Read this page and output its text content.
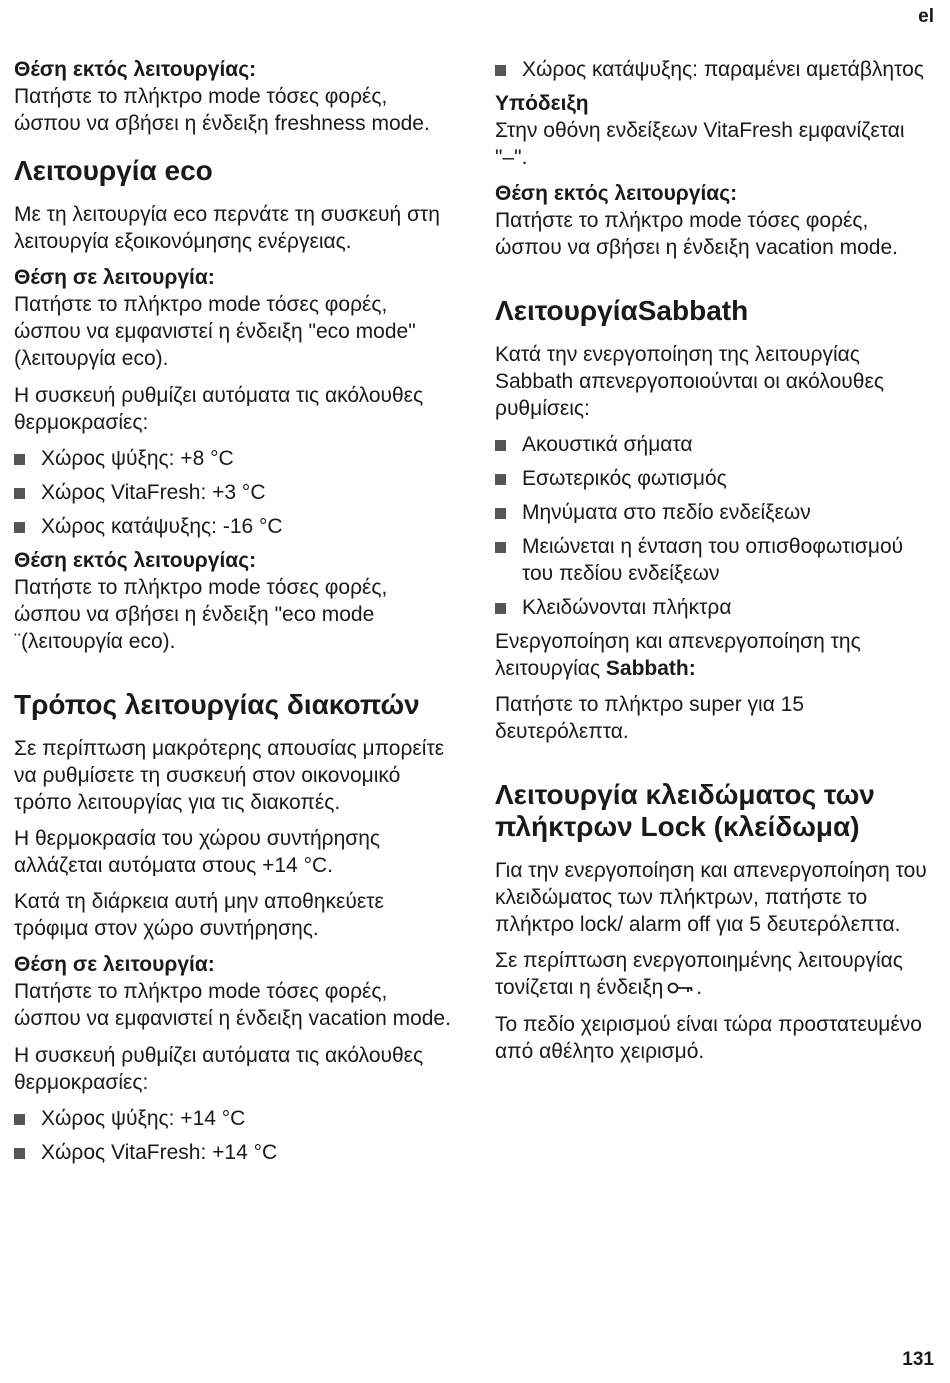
el
Θέση εκτός λειτουργίας:
Πατήστε το πλήκτρο mode τόσες φορές, ώσπου να σβήσει η ένδειξη freshness mode.
Λειτουργία eco
Με τη λειτουργία eco περνάτε τη συσκευή στη λειτουργία εξοικονόμησης ενέργειας.
Θέση σε λειτουργία:
Πατήστε το πλήκτρο mode τόσες φορές, ώσπου να εμφανιστεί η ένδειξη "eco mode" (λειτουργία eco).
Η συσκευή ρυθμίζει αυτόματα τις ακόλουθες θερμοκρασίες:
Χώρος ψύξης: +8 °C
Χώρος VitaFresh: +3 °C
Χώρος κατάψυξης: -16 °C
Θέση εκτός λειτουργίας:
Πατήστε το πλήκτρο mode τόσες φορές, ώσπου να σβήσει η ένδειξη "eco mode ¨(λειτουργία eco).
Τρόπος λειτουργίας διακοπών
Σε περίπτωση μακρότερης απουσίας μπορείτε να ρυθμίσετε τη συσκευή στον οικονομικό τρόπο λειτουργίας για τις διακοπές.
Η θερμοκρασία του χώρου συντήρησης αλλάζεται αυτόματα στους +14 °C.
Κατά τη διάρκεια αυτή μην αποθηκεύετε τρόφιμα στον χώρο συντήρησης.
Θέση σε λειτουργία:
Πατήστε το πλήκτρο mode τόσες φορές, ώσπου να εμφανιστεί η ένδειξη vacation mode.
Η συσκευή ρυθμίζει αυτόματα τις ακόλουθες θερμοκρασίες:
Χώρος ψύξης: +14 °C
Χώρος VitaFresh: +14 °C
Χώρος κατάψυξης: παραμένει αμετάβλητος
Υπόδειξη
Στην οθόνη ενδείξεων VitaFresh εμφανίζεται "–".
Θέση εκτός λειτουργίας:
Πατήστε το πλήκτρο mode τόσες φορές, ώσπου να σβήσει η ένδειξη vacation mode.
ΛειτουργίαSabbath
Κατά την ενεργοποίηση της λειτουργίας Sabbath απενεργοποιούνται οι ακόλουθες ρυθμίσεις:
Ακουστικά σήματα
Εσωτερικός φωτισμός
Μηνύματα στο πεδίο ενδείξεων
Μειώνεται η ένταση του οπισθοφωτισμού του πεδίου ενδείξεων
Κλειδώνονται πλήκτρα
Ενεργοποίηση και απενεργοποίηση της λειτουργίας Sabbath:
Πατήστε το πλήκτρο super για 15 δευτερόλεπτα.
Λειτουργία κλειδώματος των πλήκτρων Lock (κλείδωμα)
Για την ενεργοποίηση και απενεργοποίηση του κλειδώματος των πλήκτρων, πατήστε το πλήκτρο lock/ alarm off για 5 δευτερόλεπτα.
Σε περίπτωση ενεργοποιημένης λειτουργίας τονίζεται η ένδειξη .
Το πεδίο χειρισμού είναι τώρα προστατευμένο από αθέλητο χειρισμό.
131
